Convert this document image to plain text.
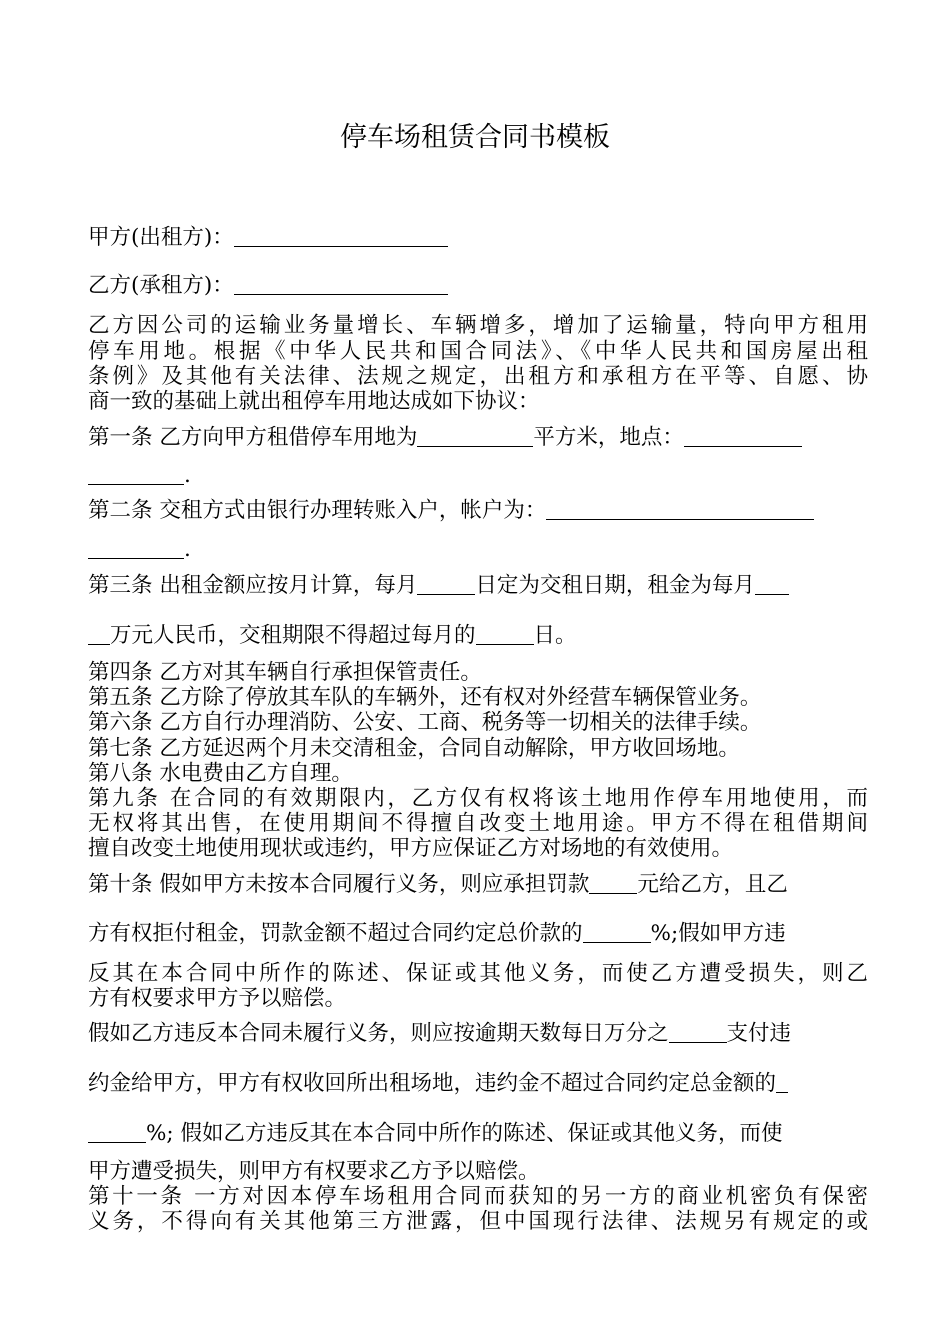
停车场租赁合同书模板
甲方(出租方)：
乙方(承租方)：
乙方因公司的运输业务量增长、车辆增多，增加了运输量，特向甲方租用
停车用地。根据《中华人民共和国合同法》、《中华人民共和国房屋出租
条例》及其他有关法律、法规之规定，出租方和承租方在平等、自愿、协
商一致的基础上就出租停车用地达成如下协议：
第一条 乙方向甲方租借停车用地为	平方米，地点：
.
第二条 交租方式由银行办理转账入户，帐户为：
.
第三条 出租金额应按月计算，每月	日定为交租日期，租金为每月
万元人民币，交租期限不得超过每月的	日。
第四条 乙方对其车辆自行承担保管责任。
第五条 乙方除了停放其车队的车辆外，还有权对外经营车辆保管业务。
第六条 乙方自行办理消防、公安、工商、税务等一切相关的法律手续。
第七条 乙方延迟两个月未交清租金，合同自动解除，甲方收回场地。
第八条 水电费由乙方自理。
第九条 在合同的有效期限内，乙方仅有权将该土地用作停车用地使用，而
无权将其出售，在使用期间不得擅自改变土地用途。甲方不得在租借期间
擅自改变土地使用现状或违约，甲方应保证乙方对场地的有效使用。
第十条 假如甲方未按本合同履行义务，则应承担罚款 元给乙方，且乙
方有权拒付租金，罚款金额不超过合同约定总价款的	%;假如甲方违
反其在本合同中所作的陈述、保证或其他义务，而使乙方遭受损失，则乙
方有权要求甲方予以赔偿。
假如乙方违反本合同未履行义务，则应按逾期天数每日万分之	支付违
约金给甲方，甲方有权收回所出租场地，违约金不超过合同约定总金额的
%; 假如乙方违反其在本合同中所作的陈述、保证或其他义务，而使
甲方遭受损失，则甲方有权要求乙方予以赔偿。
第十一条 一方对因本停车场租用合同而获知的另一方的商业机密负有保密
义务，不得向有关其他第三方泄露，但中国现行法律、法规另有规定的或
